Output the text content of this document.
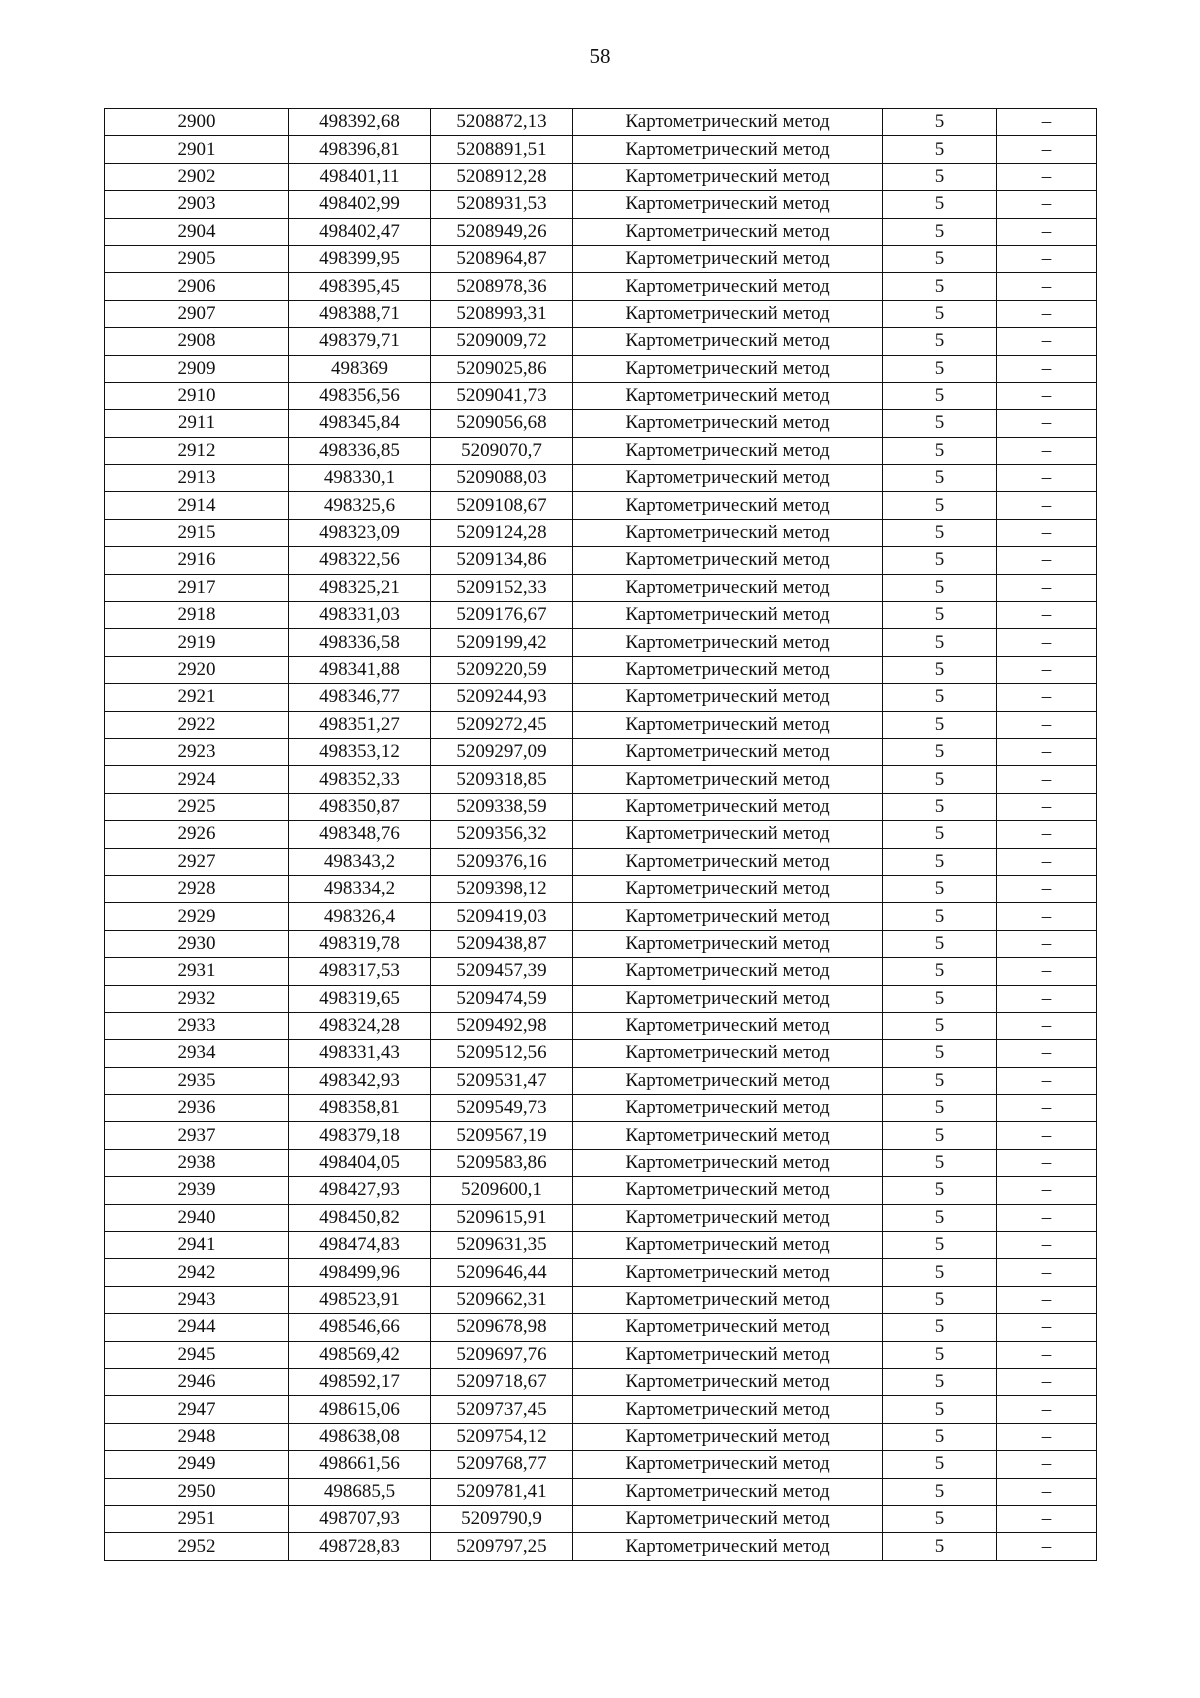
58
2900	498392,68	5208872,13	Картометрический метод	5	–
2901	498396,81	5208891,51	Картометрический метод	5	–
2902	498401,11	5208912,28	Картометрический метод	5	–
2903	498402,99	5208931,53	Картометрический метод	5	–
2904	498402,47	5208949,26	Картометрический метод	5	–
2905	498399,95	5208964,87	Картометрический метод	5	–
2906	498395,45	5208978,36	Картометрический метод	5	–
2907	498388,71	5208993,31	Картометрический метод	5	–
2908	498379,71	5209009,72	Картометрический метод	5	–
2909	498369	5209025,86	Картометрический метод	5	–
2910	498356,56	5209041,73	Картометрический метод	5	–
2911	498345,84	5209056,68	Картометрический метод	5	–
2912	498336,85	5209070,7	Картометрический метод	5	–
2913	498330,1	5209088,03	Картометрический метод	5	–
2914	498325,6	5209108,67	Картометрический метод	5	–
2915	498323,09	5209124,28	Картометрический метод	5	–
2916	498322,56	5209134,86	Картометрический метод	5	–
2917	498325,21	5209152,33	Картометрический метод	5	–
2918	498331,03	5209176,67	Картометрический метод	5	–
2919	498336,58	5209199,42	Картометрический метод	5	–
2920	498341,88	5209220,59	Картометрический метод	5	–
2921	498346,77	5209244,93	Картометрический метод	5	–
2922	498351,27	5209272,45	Картометрический метод	5	–
2923	498353,12	5209297,09	Картометрический метод	5	–
2924	498352,33	5209318,85	Картометрический метод	5	–
2925	498350,87	5209338,59	Картометрический метод	5	–
2926	498348,76	5209356,32	Картометрический метод	5	–
2927	498343,2	5209376,16	Картометрический метод	5	–
2928	498334,2	5209398,12	Картометрический метод	5	–
2929	498326,4	5209419,03	Картометрический метод	5	–
2930	498319,78	5209438,87	Картометрический метод	5	–
2931	498317,53	5209457,39	Картометрический метод	5	–
2932	498319,65	5209474,59	Картометрический метод	5	–
2933	498324,28	5209492,98	Картометрический метод	5	–
2934	498331,43	5209512,56	Картометрический метод	5	–
2935	498342,93	5209531,47	Картометрический метод	5	–
2936	498358,81	5209549,73	Картометрический метод	5	–
2937	498379,18	5209567,19	Картометрический метод	5	–
2938	498404,05	5209583,86	Картометрический метод	5	–
2939	498427,93	5209600,1	Картометрический метод	5	–
2940	498450,82	5209615,91	Картометрический метод	5	–
2941	498474,83	5209631,35	Картометрический метод	5	–
2942	498499,96	5209646,44	Картометрический метод	5	–
2943	498523,91	5209662,31	Картометрический метод	5	–
2944	498546,66	5209678,98	Картометрический метод	5	–
2945	498569,42	5209697,76	Картометрический метод	5	–
2946	498592,17	5209718,67	Картометрический метод	5	–
2947	498615,06	5209737,45	Картометрический метод	5	–
2948	498638,08	5209754,12	Картометрический метод	5	–
2949	498661,56	5209768,77	Картометрический метод	5	–
2950	498685,5	5209781,41	Картометрический метод	5	–
2951	498707,93	5209790,9	Картометрический метод	5	–
2952	498728,83	5209797,25	Картометрический метод	5	–
